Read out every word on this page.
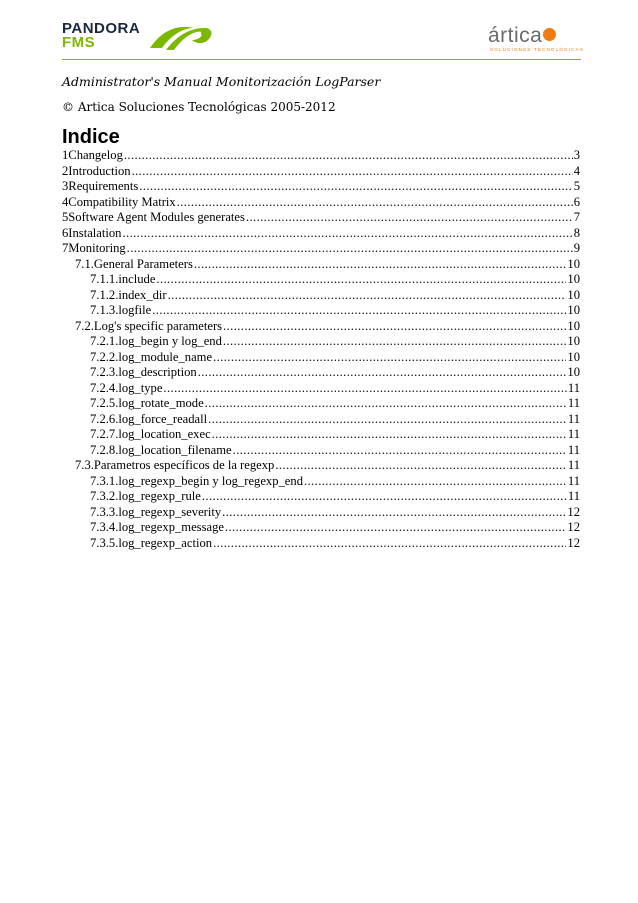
PANDORA
FMS	ártica
SOLUCIONES TECNOLÓGICAS
Administrator's Manual Monitorización LogParser
© Artica Soluciones Tecnológicas 2005-2012
Indice
1Changelog .....	3
2Introduction .....	4
3Requirements .....	5
4Compatibility Matrix .....	6
5Software Agent Modules generates .....	7
6Instalation .....	8
7Monitoring .....	9
7.1.General Parameters .....	10
7.1.1.include .....	10
7.1.2.index_dir .....	10
7.1.3.logfile .....	10
7.2.Log's specific parameters .....	10
7.2.1.log_begin y log_end .....	10
7.2.2.log_module_name .....	10
7.2.3.log_description .....	10
7.2.4.log_type .....	11
7.2.5.log_rotate_mode .....	11
7.2.6.log_force_readall .....	11
7.2.7.log_location_exec .....	11
7.2.8.log_location_filename .....	11
7.3.Parametros específicos de la regexp .....	11
7.3.1.log_regexp_begin y log_regexp_end .....	11
7.3.2.log_regexp_rule .....	11
7.3.3.log_regexp_severity .....	12
7.3.4.log_regexp_message .....	12
7.3.5.log_regexp_action .....	12
